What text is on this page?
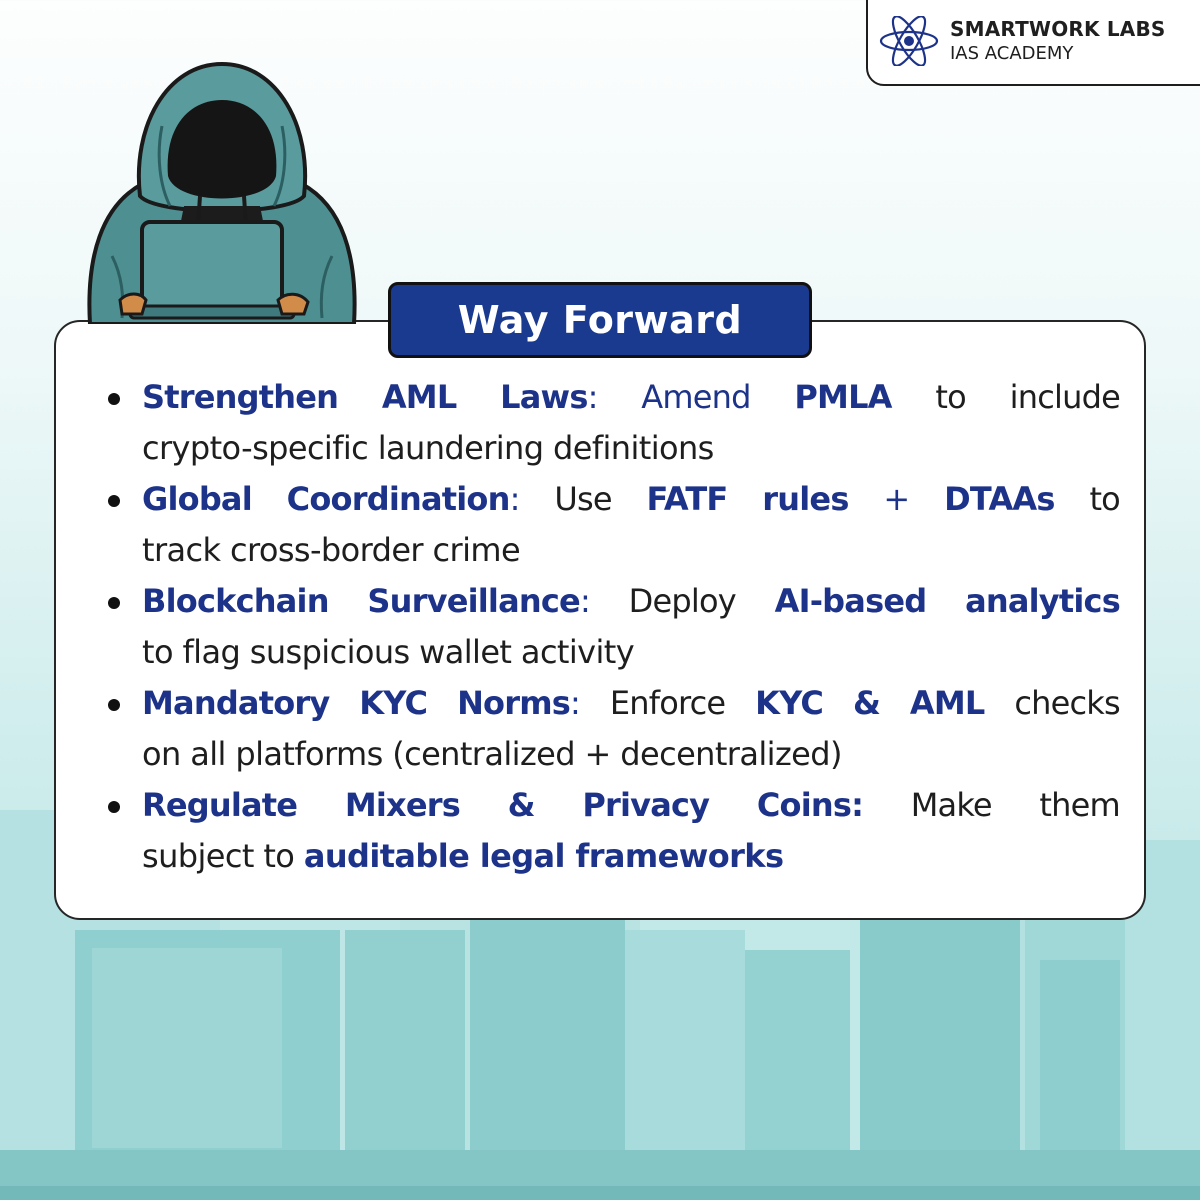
SMARTWORK LABS
IAS ACADEMY
Way Forward
Strengthen AML Laws: Amend PMLA to include
crypto-specific laundering definitions
Global Coordination: Use FATF rules + DTAAs to
track cross-border crime
Blockchain Surveillance: Deploy AI-based analytics
to flag suspicious wallet activity
Mandatory KYC Norms: Enforce KYC & AML checks
on all platforms (centralized + decentralized)
Regulate Mixers & Privacy Coins: Make them
subject to auditable legal frameworks
